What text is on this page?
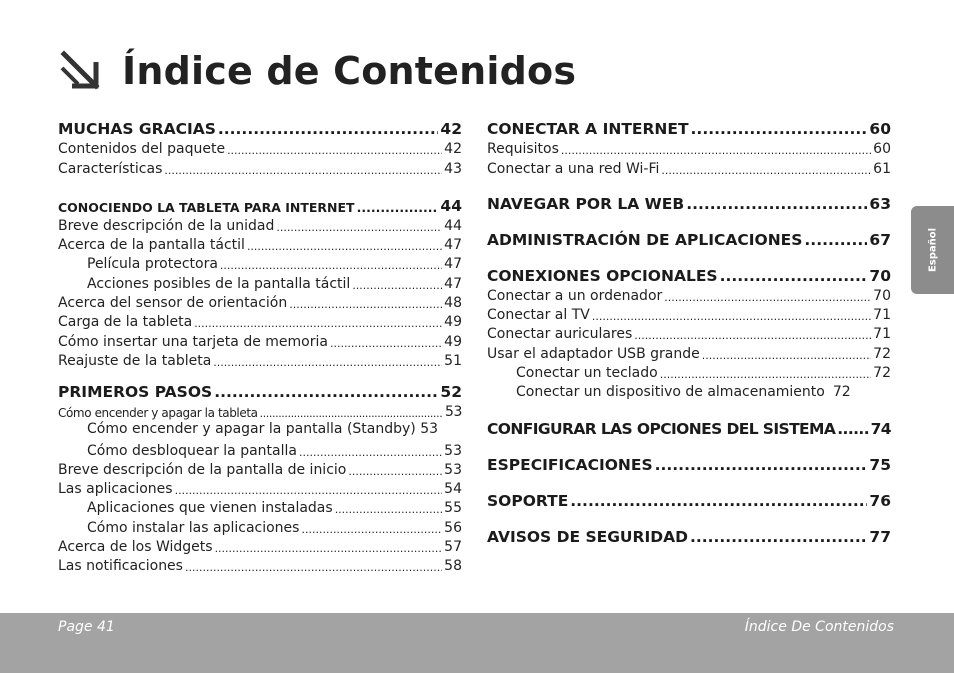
Índice de Contenidos
MUCHAS GRACIAS .....	42
Contenidos del paquete .....	42
Características .....	43
CONOCIENDO LA TABLETA PARA INTERNET .....	44
Breve descripción de la unidad .....	44
Acerca de la pantalla táctil .....	47
Película protectora .....	47
Acciones posibles de la pantalla táctil .....	47
Acerca del sensor de orientación .....	48
Carga de la tableta .....	49
Cómo insertar una tarjeta de memoria .....	49
Reajuste de la tableta .....	51
PRIMEROS PASOS .....	52
Cómo encender y apagar la tableta .....	53
Cómo encender y apagar la pantalla (Standby) 53
Cómo desbloquear la pantalla .....	53
Breve descripción de la pantalla de inicio .....	53
Las aplicaciones .....	54
Aplicaciones que vienen instaladas .....	55
Cómo instalar las aplicaciones .....	56
Acerca de los Widgets .....	57
Las notificaciones .....	58
CONECTAR A INTERNET .....	60
Requisitos .....	60
Conectar a una red Wi-Fi .....	61
NAVEGAR POR LA WEB .....	63
ADMINISTRACIÓN DE APLICACIONES .....	67
CONEXIONES OPCIONALES .....	70
Conectar a un ordenador .....	70
Conectar al TV .....	71
Conectar auriculares .....	71
Usar el adaptador USB grande .....	72
Conectar un teclado .....	72
Conectar un dispositivo de almacenamiento 72
CONFIGURAR LAS OPCIONES DEL SISTEMA ..... 74
ESPECIFICACIONES .....	75
SOPORTE .....	76
AVISOS DE SEGURIDAD .....	77
Español
Page 41	Índice De Contenidos
